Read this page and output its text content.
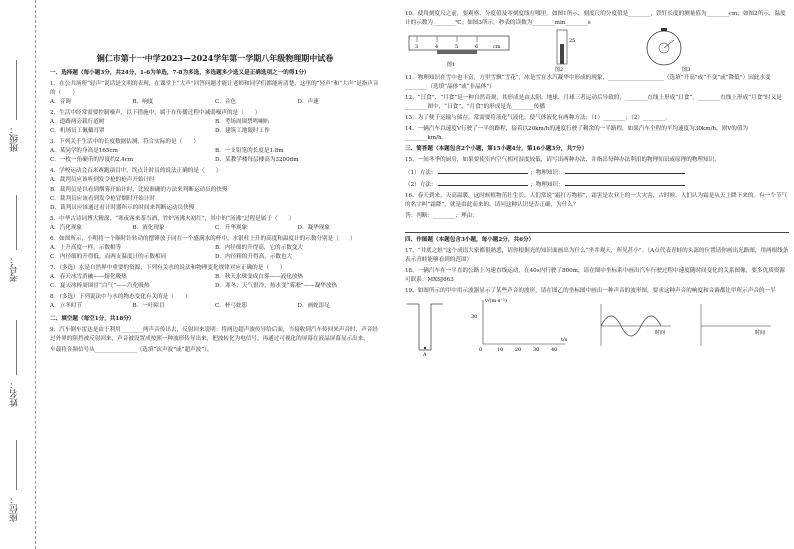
班级：
考号：
姓名：
座位：
铜仁市第十一中学2023—2024学年第一学期八年级物理期中试卷
一、选择题（每小题3分，共24分，1-6为单选，7-8为多选，多选题多少选又是正确选项之一的得1分）
1、在公共场所“轻声”说话是文明的表现，在课堂上“大声”回答问题才能让老师和同学们都能听清楚，这里的“轻声”和“大声”是指声音的（　　）
A．音调	B．响度	C．音色	D．声速
2．生活中经常需要控制噪声，以下措施中，属于在传播过程中减弱噪声的是（　　）
A．道路两旁载行道树	B．考场周围禁鸣喇叭
C．机场员工佩戴耳罩	D．建筑工地限时工作
3．下列关于生活中的长度数据估测，符合实际的是（　　）
A．某同学的身高是165cm	B．一支铅笔的长度是1.8m
C．一枚一角硬币的厚度约2.4cm	D．某教学楼每层楼高为3200dm
4．学校运动会百米赛跑项目中，终点计时员的说法正确的是（　　）
A．裁判员应该听到发令枪的枪声开始计时
B．裁判员是以看到烟雾开始计时，比较准确的方法来判断运动员的快慢
C．裁判员应该看到发令枪冒烟时开始计时
D．裁判员应该通过看计时器所示的时间来判断运动员快慢
5．中华古诗词博大精深，“寒夜客来茶当酒，竹炉汤沸火初红”，其中的“汤沸”过程是属于（　　）
A．汽化现象	B．液化现象	C．升华现象	D．凝华现象
6．如图所示，小明将一个顺时针转动的摆锤放于同在一个盛满水的杯中，水银柱上升的高度和温度计的示数分别是（　　）
A．上升高度一样，示数相等	B．内径细的升得高，它的示数变大
C．内径细的升得低，而两支温度计的示数相同	D．内径粗的升得高，示数也大
7．（多选）水是自然界中重要的资源，下列有关水的说法和物理变化规律对应正确的是（　　）
A．春天冰雪消融——熔化吸热	B．秋天水珠变成白雾——液化放热
C．夏天冰棒周围冒“白气”——汽化吸热	D．寒冬，天气很冷，热水变“雾凇”——凝华放热
8．（多选）下列说法中与水的物态变化有关的是（　　）
A．立冬时节	B．一叶障目	C．杯弓蛇影	D．画蛇添足
二、填空题（每空1分，共18分）
9、汽车倒车雷达是由于利用________两声音传出去，反射回来说明：将两边超声波传导给后面，当接收到汽车传回来声音时，声音经过外界的阻挡被反射回来，声音被设置成按照一种波形传导出来，把波转化为电信号，再通过可视化的屏幕在液晶屏幕显示出来，
车载将音频信号从_______________（选填“次声波”或“超声波”）。
10、使用刻度尺之前，要观察、分度值及零刻度线在哪里。如图1所示，刻度尺的分度值是________，铁钉长度的测量值为________cm；如图2所示，温度计的示数为________℃；如图3所示，秒表的读数为________min________s
3	4	5	6	cm
图1
25
图2	图3
11、物理知识在雪中也丰富，方里雪飘“雪花”，冰是雪在水汽凝华中形成的现象，____________________（选填“升高”或“不变”或“降低”）因此水变________（选填“晶体”或“非晶体”）
12、“日食”、“月食”是一种自然奇观，其形成是由太阳、地球、月球三者运动后导致的，________直线上形成“日食”，________直线上形成“月食”时又是________图中，“日食”、“月食”的形成是光________传播
13．为了便于运输与储存，常需要将液化气液化，使气体液化有两种方法：（1）________；（2）________。
14、一辆汽车以速度V行驶了一半的路程，接着以20km/h的速度行驶了剩余的一半路程，如果汽车全程的平均速度为30km/h，则V的值为________km/h。
三、简答题（本题包含2个小题，第15小题4分，第16小题3分，共7分）
15、一间冬季的厨房，如果要使室内空气相对湿度较低，请写出两种办法，并指出每种办法利用的物理知识或原理的物理知识。
（1）方法：	；物理知识：
（2）方法：	；物理知识：
16、春天到来，天高温暖，这时候植物茁壮生长，人们常说“霜打万物枯”，霜害是农业上的一大灾害，古时候，人们认为霜是从天上降下来的。有一个节气的名字叫“霜降”，就是由此而来的。请问这种认识是否正确，为什么？
答：判断：________；理由：
四、作图题（本题包含3小题，每小题2分，共6分）
17、“井底之蛙”这个成语大家都很熟悉，请你根据光的知识面画出为什么“坐井观天，所见甚小”。（A点代表青蛙的头部的位置请你画出光路图，用两根线条表示青蛙能够看到的范围）
18、一辆汽车在一平直的公路上匀速直线运动，在40s内行驶了800m，请在图中坐标系中画出汽车行驶过程中速度随时间变化的关系图像，要多优质资源可联系：MXSJ663
19、如图所示的甲中用示波器显示了某些声音的波形，请在图乙的坐标图中画出一种声音的波形图，要求这种声音的响度和音调都比甲所示声音的一半
A
v/(m·s⁻¹)
30
0	10 20 30 40
t/s
时间	时间
